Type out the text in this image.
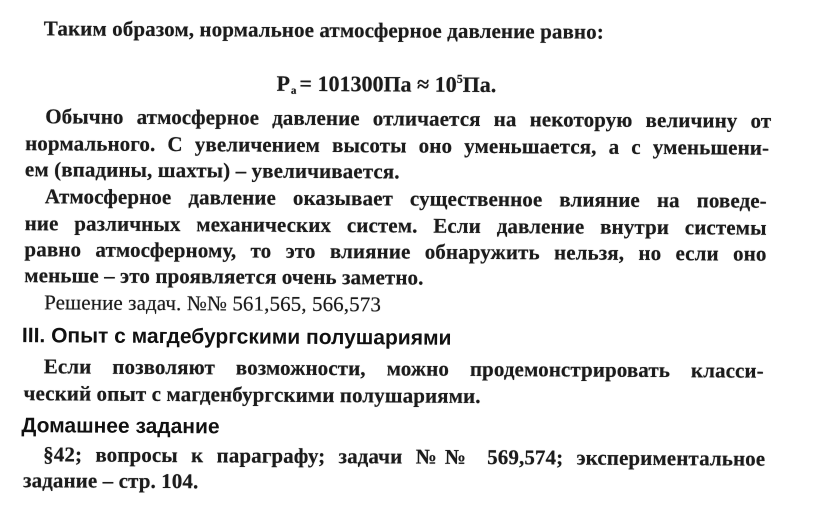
Таким образом, нормальное атмосферное давление равно:
$P_а = 101300Па \approx 10^5Па$.
Обычно атмосферное давление отличается на некоторую величину от
нормального. С увеличением высоты оно уменьшается, а с уменьшени-
ем (впадины, шахты) – увеличивается.
Атмосферное давление оказывает существенное влияние на поведе-
ние различных механических систем. Если давление внутри системы
равно атмосферному, то это влияние обнаружить нельзя, но если оно
меньше – это проявляется очень заметно.
Решение задач. №№ 561,565, 566,573
III. Опыт с магдебургскими полушариями
Если позволяют возможности, можно продемонстрировать класси-
ческий опыт с магденбургскими полушариями.
Домашнее задание
§42; вопросы к параграфу; задачи №№ 569,574; экспериментальное
задание – стр. 104.
